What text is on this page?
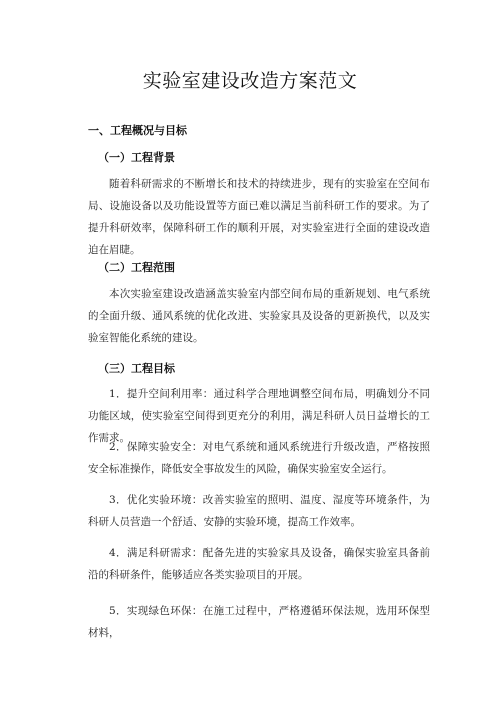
实验室建设改造方案范文
一、工程概况与目标
（一）工程背景
随着科研需求的不断增长和技术的持续进步，现有的实验室在空间布局、设施设备以及功能设置等方面已难以满足当前科研工作的要求。为了提升科研效率，保障科研工作的顺利开展，对实验室进行全面的建设改造迫在眉睫。
（二）工程范围
本次实验室建设改造涵盖实验室内部空间布局的重新规划、电气系统的全面升级、通风系统的优化改进、实验家具及设备的更新换代，以及实验室智能化系统的建设。
（三）工程目标
1．提升空间利用率：通过科学合理地调整空间布局，明确划分不同功能区域，使实验室空间得到更充分的利用，满足科研人员日益增长的工作需求。
2．保障实验安全：对电气系统和通风系统进行升级改造，严格按照安全标准操作，降低安全事故发生的风险，确保实验室安全运行。
3．优化实验环境：改善实验室的照明、温度、湿度等环境条件，为科研人员营造一个舒适、安静的实验环境，提高工作效率。
4．满足科研需求：配备先进的实验家具及设备，确保实验室具备前沿的科研条件，能够适应各类实验项目的开展。
5．实现绿色环保：在施工过程中，严格遵循环保法规，选用环保型材料，
